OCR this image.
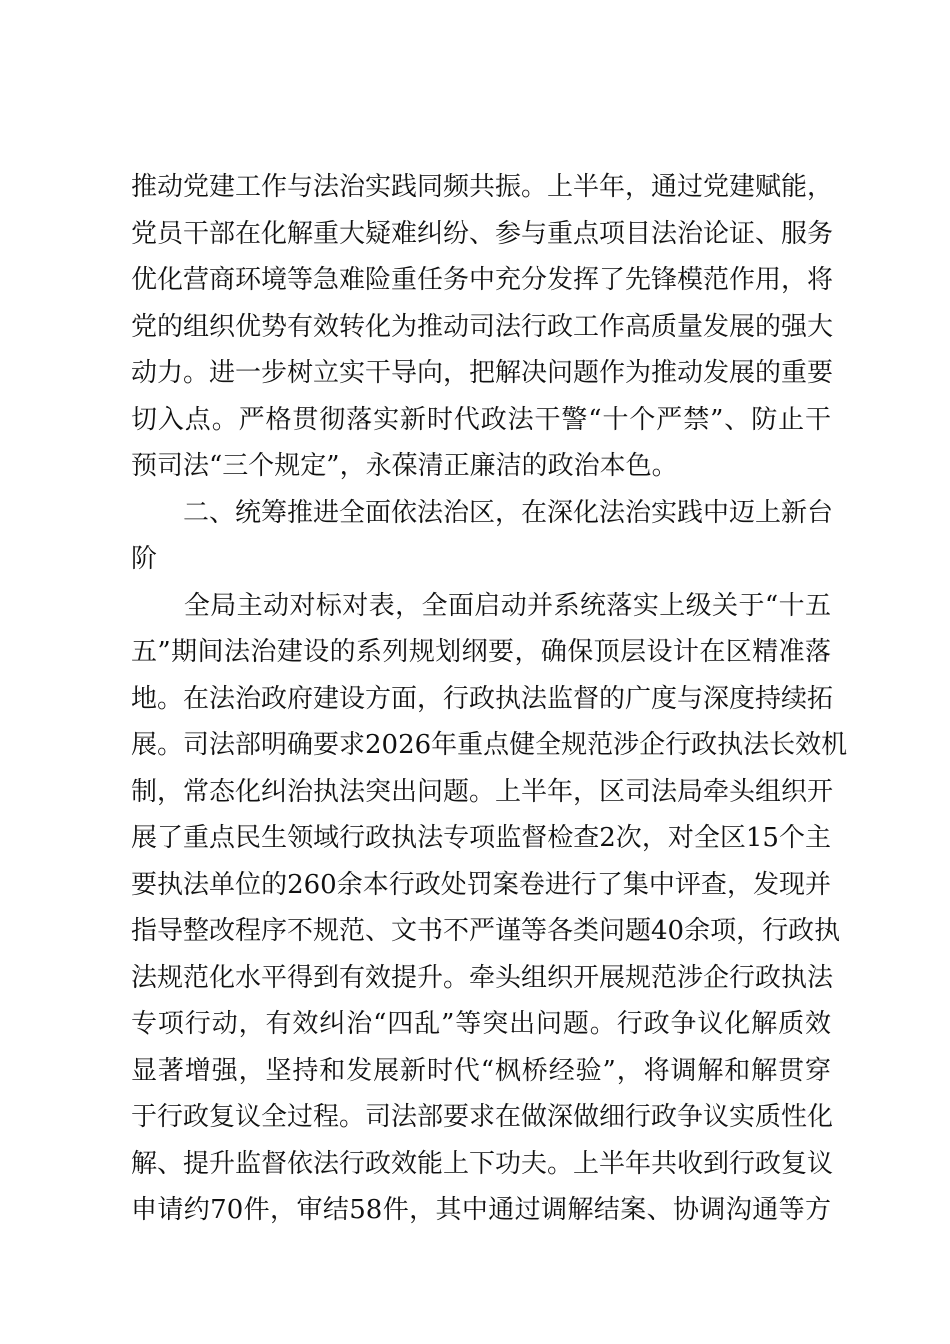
推动党建工作与法治实践同频共振。上半年，通过党建赋能，
党员干部在化解重大疑难纠纷、参与重点项目法治论证、服务
优化营商环境等急难险重任务中充分发挥了先锋模范作用，将
党的组织优势有效转化为推动司法行政工作高质量发展的强大
动力。进一步树立实干导向，把解决问题作为推动发展的重要
切入点。严格贯彻落实新时代政法干警“十个严禁”、防止干
预司法“三个规定”，永葆清正廉洁的政治本色。
　　二、统筹推进全面依法治区，在深化法治实践中迈上新台
阶
　　全局主动对标对表，全面启动并系统落实上级关于“十五
五”期间法治建设的系列规划纲要，确保顶层设计在区精准落
地。在法治政府建设方面，行政执法监督的广度与深度持续拓
展。司法部明确要求2026年重点健全规范涉企行政执法长效机
制，常态化纠治执法突出问题。上半年，区司法局牵头组织开
展了重点民生领域行政执法专项监督检查2次，对全区15个主
要执法单位的260余本行政处罚案卷进行了集中评查，发现并
指导整改程序不规范、文书不严谨等各类问题40余项，行政执
法规范化水平得到有效提升。牵头组织开展规范涉企行政执法
专项行动，有效纠治“四乱”等突出问题。行政争议化解质效
显著增强，坚持和发展新时代“枫桥经验”，将调解和解贯穿
于行政复议全过程。司法部要求在做深做细行政争议实质性化
解、提升监督依法行政效能上下功夫。上半年共收到行政复议
申请约70件，审结58件，其中通过调解结案、协调沟通等方
